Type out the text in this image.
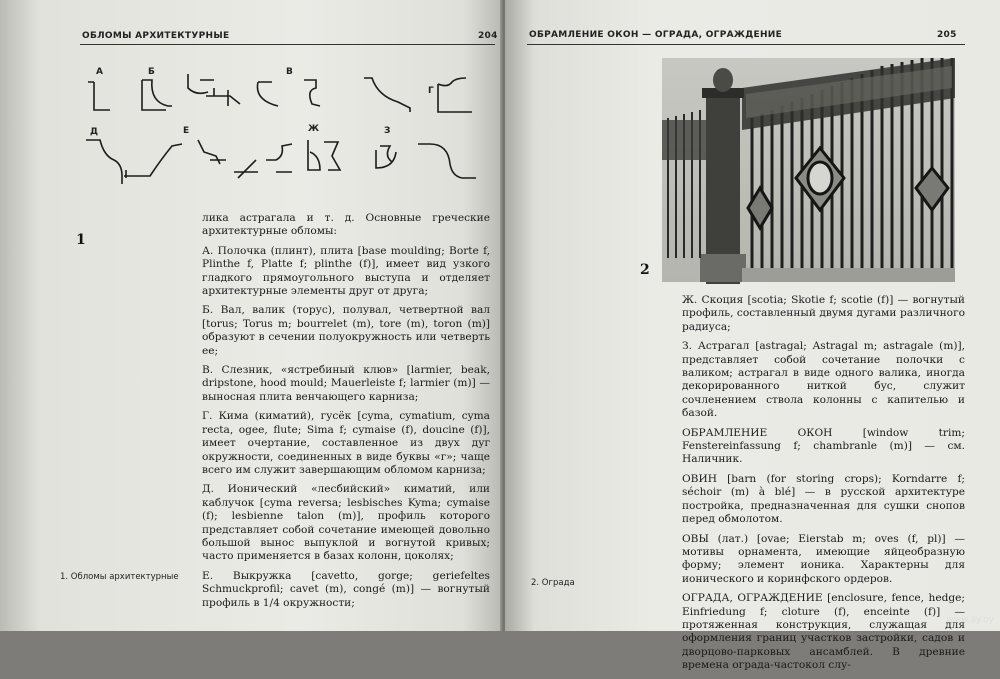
ОБЛОМЫ АРХИТЕКТУРНЫЕ	204
А	Б	В
Г
Д	Е	Ж	З
1
1. Обломы архитектурные

лика астрагала и т. д. Основные греческие архитектурные обломы:

А. Полочка (плинт), плита [base moulding; Borte f, Plinthe f, Platte f; plinthe (f)], имеет вид узкого гладкого прямоугольного выступа и отделяет архитектурные элементы друг от друга;

Б. Вал, валик (торус), полувал, четвертной вал [torus; Torus m; bourrelet (m), tore (m), toron (m)] образуют в сечении полуокружность или четверть ее;

В. Слезник, «ястребиный клюв» [larmier, beak, dripstone, hood mould; Mauerleiste f; larmier (m)] — выносная плита венчающего карниза;

Г. Кима (киматий), гусёк [cyma, cymatium, cyma recta, ogee, flute; Sima f; cymaise (f), doucine (f)], имеет очертание, составленное из двух дуг окружности, соединенных в виде буквы «г»; чаще всего им служит завершающим обломом карниза;

Д. Ионический «лесбийский» киматий, или каблучок [cyma reversa; lesbisches Kyma; cymaise (f); lesbienne talon (m)], профиль которого представляет собой сочетание имеющей довольно большой вынос выпуклой и вогнутой кривых; часто применяется в базах колонн, цоколях;

Е. Выкружка [cavetto, gorge; geriefeltes Schmuckprofil; cavet (m), congé (m)] — вогнутый профиль в 1/4 окружности;

ОБРАМЛЕНИЕ ОКОН — ОГРАДА, ОГРАЖДЕНИЕ	205
2
2. Ограда

Ж. Скоция [scotia; Skotie f; scotie (f)] — вогнутый профиль, составленный двумя дугами различного радиуса;

З. Астрагал [astragal; Astragal m; astragale (m)], представляет собой сочетание полочки с валиком; астрагал в виде одного валика, иногда декорированного ниткой бус, служит сочленением ствола колонны с капителью и базой.

ОБРАМЛЕНИЕ ОКОН [window trim; Fenstereinfassung f; chambranle (m)] — см. Наличник.

ОВИН [barn (for storing crops); Korndarre f; séchoir (m) à blé] — в русской архитектуре постройка, предназначенная для сушки снопов перед обмолотом.

ОВЫ (лат.) [ovae; Eierstab m; oves (f, pl)] — мотивы орнамента, имеющие яйцеобразную форму; элемент ионика. Характерны для ионического и коринфского ордеров.

ОГРАДА, ОГРАЖДЕНИЕ [enclosure, fence, hedge; Einfriedung f; cloture (f), enceinte (f)] — протяженная конструкция, служащая для оформления границ участков застройки, садов и дворцово-парковых ансамблей. В древние времена ограда-частокол слу-

www.ay.by
